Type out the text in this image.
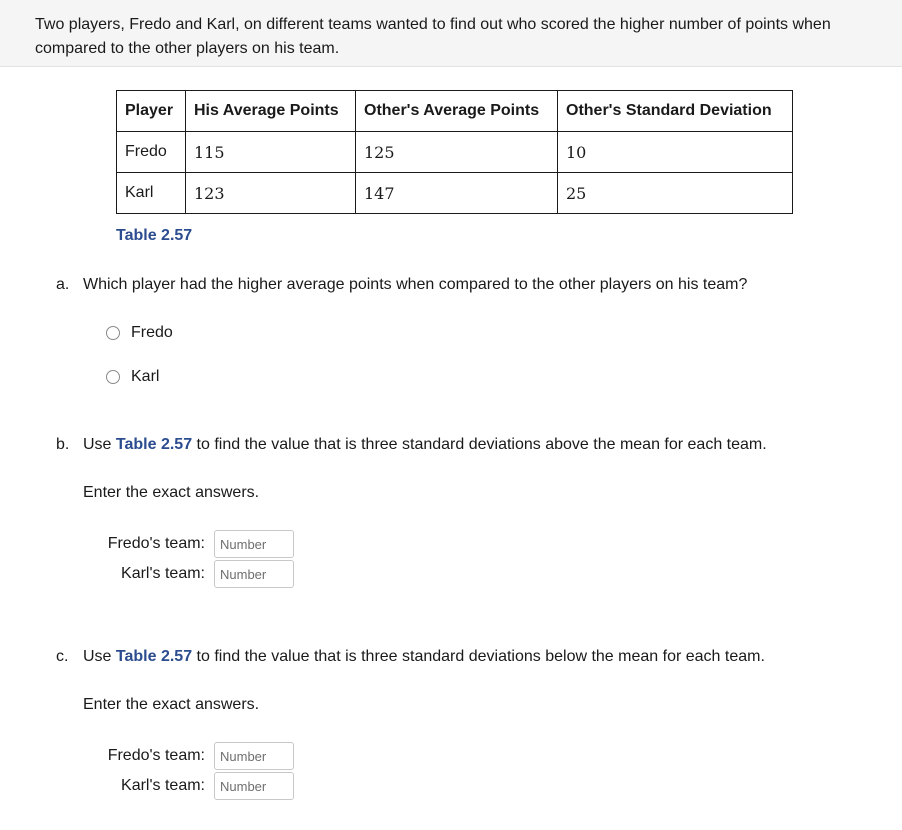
Two players, Fredo and Karl, on different teams wanted to find out who scored the higher number of points when compared to the other players on his team.
Player	His Average Points	Other's Average Points	Other's Standard Deviation
Fredo	115	125	10
Karl	123	147	25
Table 2.57
a. Which player had the higher average points when compared to the other players on his team?
Fredo
Karl
b. Use Table 2.57 to find the value that is three standard deviations above the mean for each team.
Enter the exact answers.
Fredo's team:
Number
Karl's team:
Number
c. Use Table 2.57 to find the value that is three standard deviations below the mean for each team.
Enter the exact answers.
Fredo's team:
Number
Karl's team:
Number
